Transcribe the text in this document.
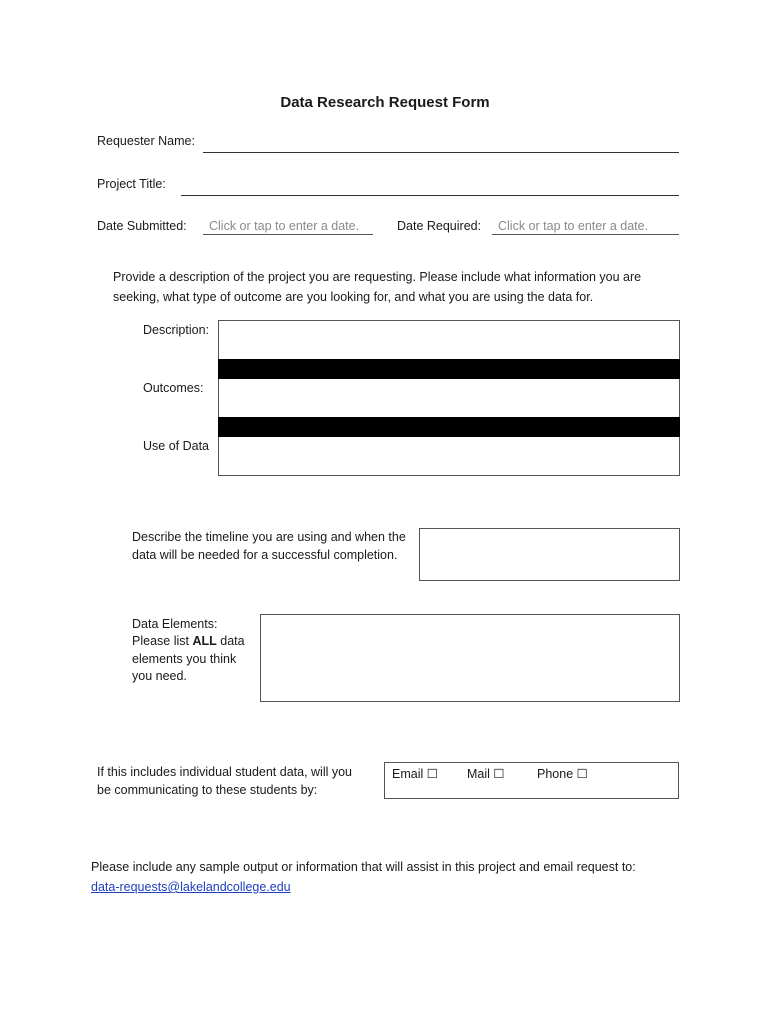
Data Research Request Form
Requester Name:
Project Title:
Date Submitted:	Click or tap to enter a date.	Date Required:	Click or tap to enter a date.
Provide a description of the project you are requesting. Please include what information you are
seeking, what type of outcome are you looking for, and what you are using the data for.
Description:
Outcomes:
Use of Data
Describe the timeline you are using and when the
data will be needed for a successful completion.
Data Elements:
Please list ALL data
elements you think
you need.
If this includes individual student data, will you
be communicating to these students by:
Email ☐ Mail ☐	Phone ☐
Please include any sample output or information that will assist in this project and email request to:
data-requests@lakelandcollege.edu
